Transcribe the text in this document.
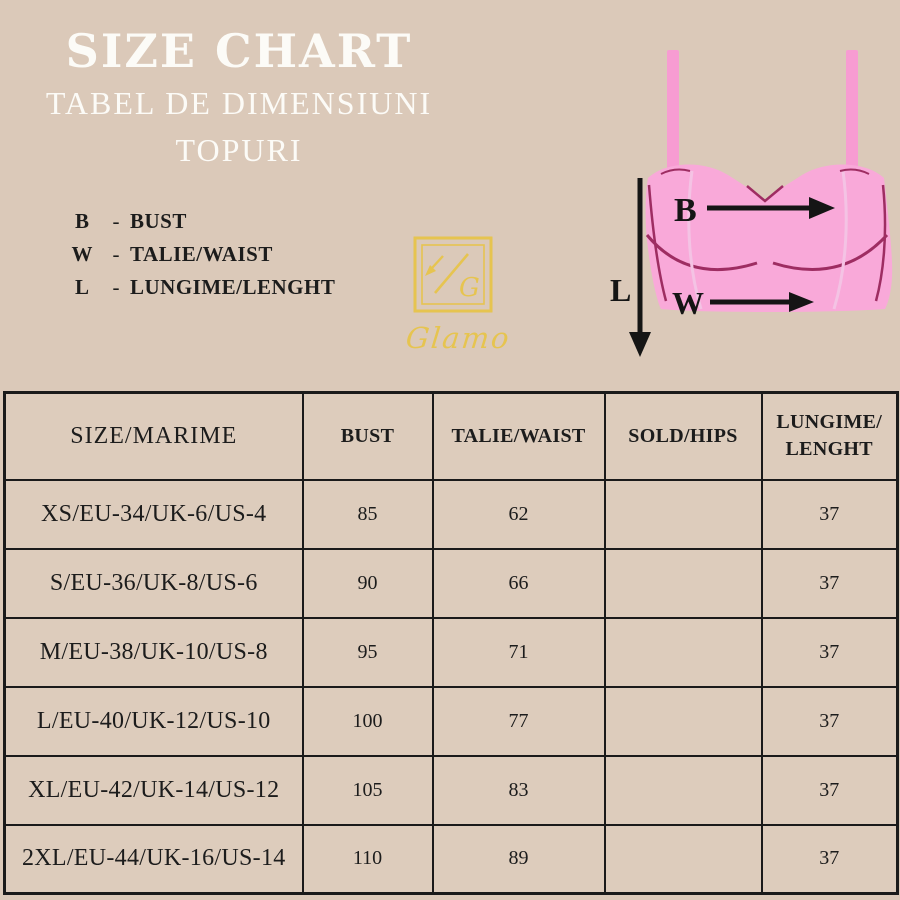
SIZE CHART
TABEL DE DIMENSIUNI
TOPURI
B	- BUST
W - TALIE/WAIST
L	- LUNGIME/LENGHT	G
Glamo
B
W
L
SIZE/MARIME	BUST	TALIE/WAIST	SOLD/HIPS	LUNGIME/
LENGHT
XS/EU-34/UK-6/US-4	85	62		37
S/EU-36/UK-8/US-6	90	66		37
M/EU-38/UK-10/US-8	95	71		37
L/EU-40/UK-12/US-10	100	77		37
XL/EU-42/UK-14/US-12	105	83		37
2XL/EU-44/UK-16/US-14	110	89		37
